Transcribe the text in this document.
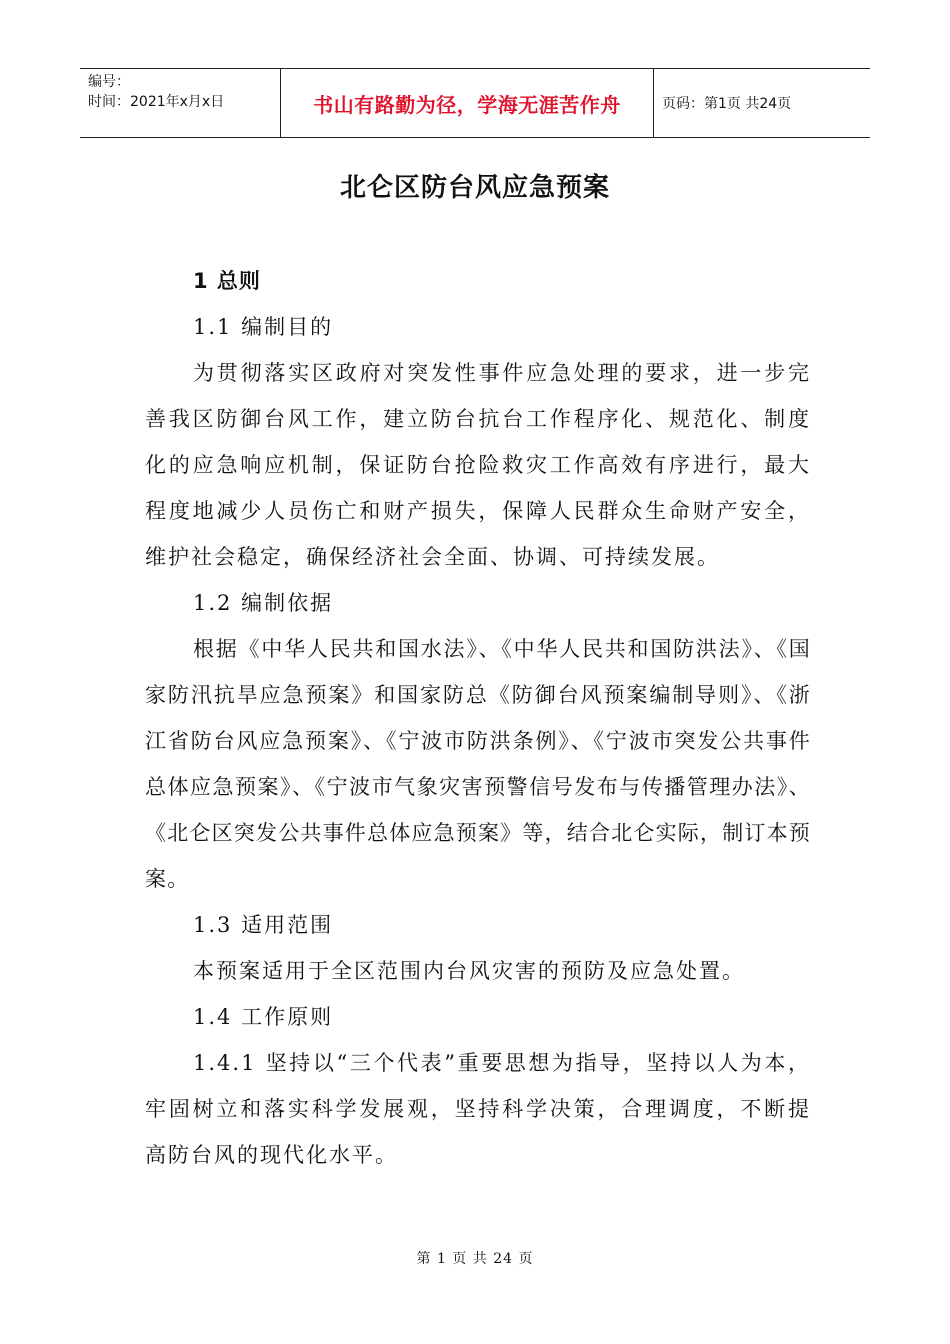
编号：
时间：2021年x月x日	书山有路勤为径，学海无涯苦作舟	页码：第1页 共24页
北仑区防台风应急预案

1 总则

1.1 编制目的

为贯彻落实区政府对突发性事件应急处理的要求，进一步完善我区防御台风工作，建立防台抗台工作程序化、规范化、制度化的应急响应机制，保证防台抢险救灾工作高效有序进行，最大程度地减少人员伤亡和财产损失，保障人民群众生命财产安全，维护社会稳定，确保经济社会全面、协调、可持续发展。

1.2 编制依据

根据《中华人民共和国水法》、《中华人民共和国防洪法》、《国家防汛抗旱应急预案》和国家防总《防御台风预案编制导则》、《浙江省防台风应急预案》、《宁波市防洪条例》、《宁波市突发公共事件总体应急预案》、《宁波市气象灾害预警信号发布与传播管理办法》、《北仑区突发公共事件总体应急预案》等，结合北仑实际，制订本预案。

1.3 适用范围

本预案适用于全区范围内台风灾害的预防及应急处置。

1.4 工作原则

1.4.1 坚持以“三个代表”重要思想为指导，坚持以人为本，牢固树立和落实科学发展观，坚持科学决策，合理调度，不断提高防台风的现代化水平。

第 1 页 共 24 页
